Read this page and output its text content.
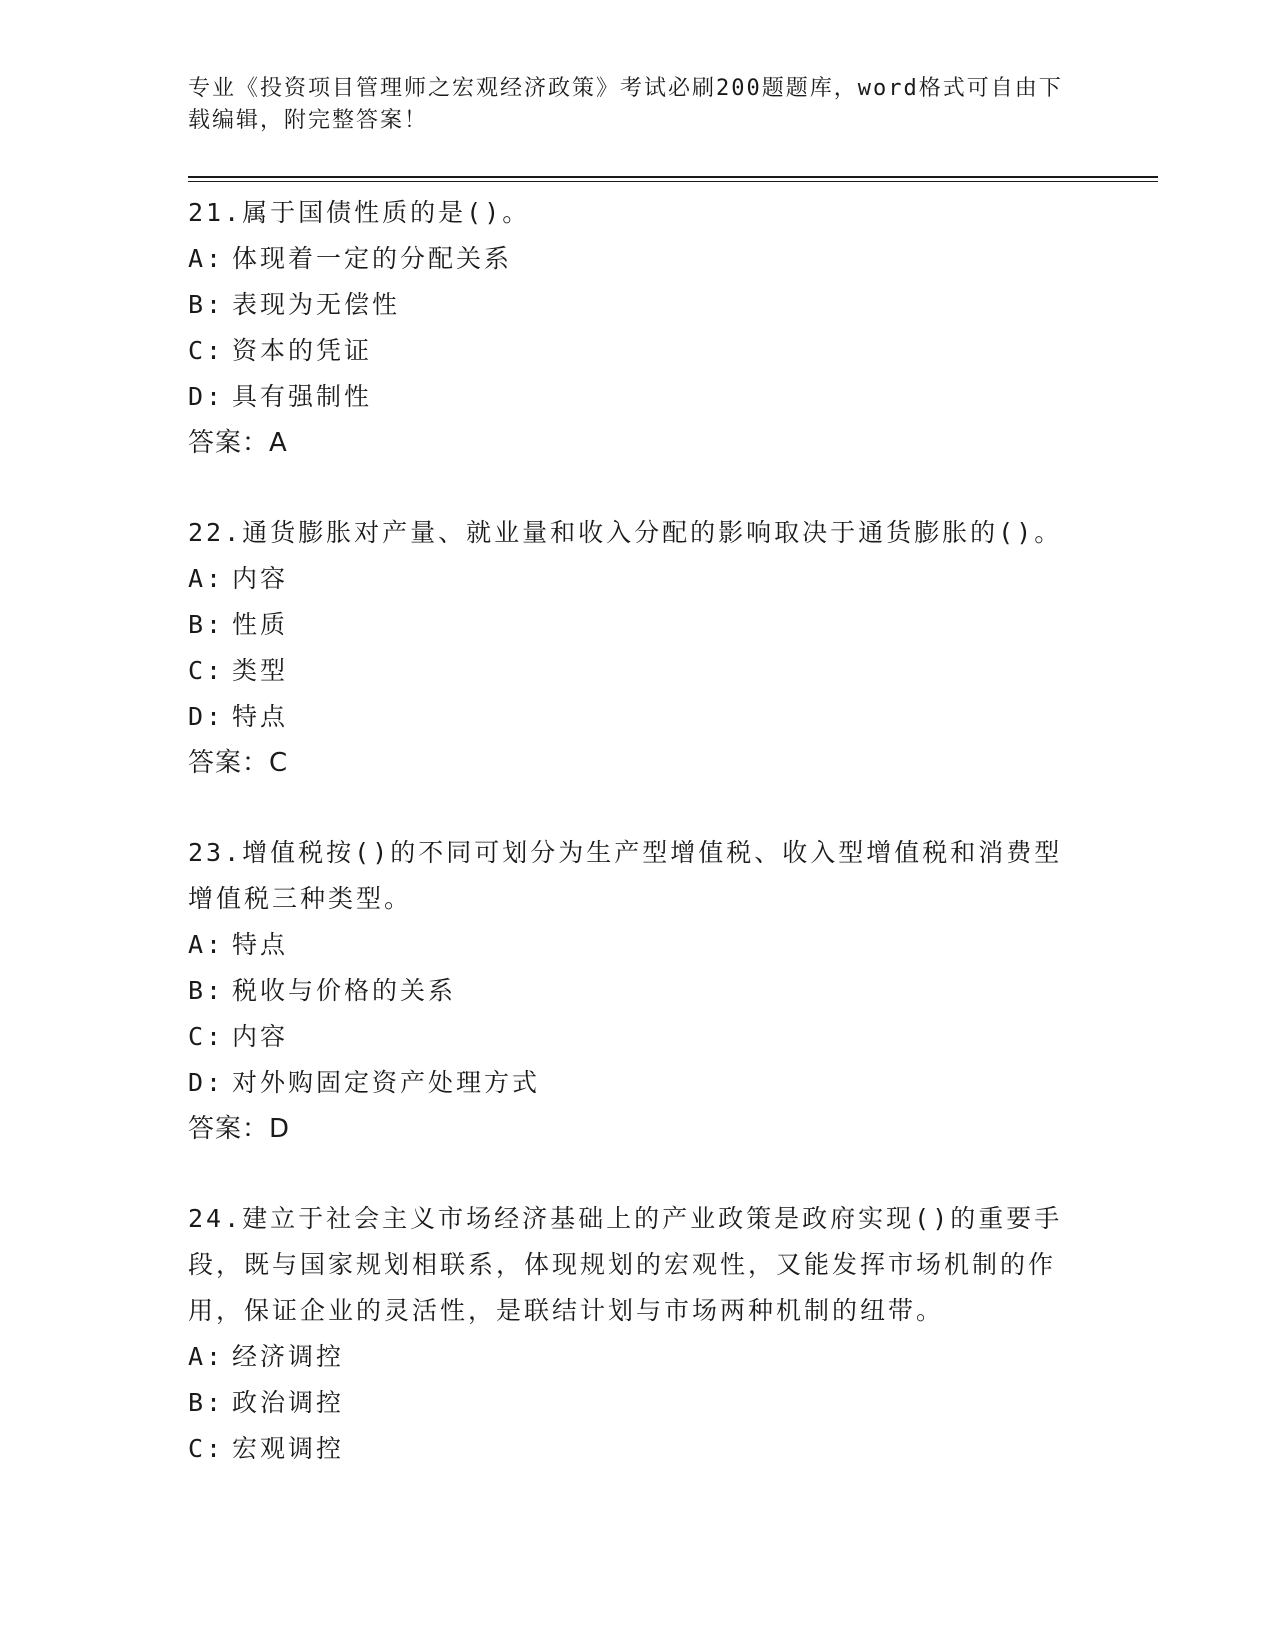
专业《投资项目管理师之宏观经济政策》考试必刷200题题库，word格式可自由下载编辑，附完整答案！
21.属于国债性质的是()。
A: 体现着一定的分配关系
B: 表现为无偿性
C: 资本的凭证
D: 具有强制性
答案：A
22.通货膨胀对产量、就业量和收入分配的影响取决于通货膨胀的()。
A: 内容
B: 性质
C: 类型
D: 特点
答案：C
23.增值税按()的不同可划分为生产型增值税、收入型增值税和消费型增值税三种类型。
A: 特点
B: 税收与价格的关系
C: 内容
D: 对外购固定资产处理方式
答案：D
24.建立于社会主义市场经济基础上的产业政策是政府实现()的重要手段，既与国家规划相联系，体现规划的宏观性，又能发挥市场机制的作用，保证企业的灵活性，是联结计划与市场两种机制的纽带。
A: 经济调控
B: 政治调控
C: 宏观调控
